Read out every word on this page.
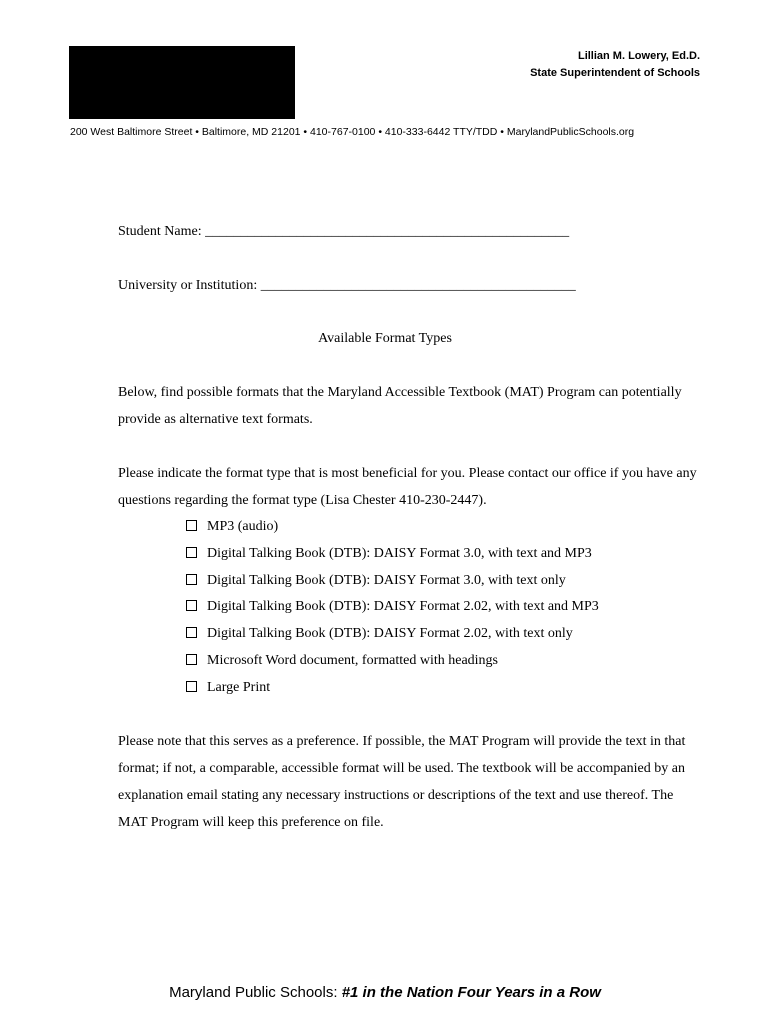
Lillian M. Lowery, Ed.D.
State Superintendent of Schools
200 West Baltimore Street • Baltimore, MD 21201 • 410-767-0100 • 410-333-6442 TTY/TDD • MarylandPublicSchools.org
Student Name: ____________________________________________________
University or Institution: _____________________________________________
Available Format Types
Below, find possible formats that the Maryland Accessible Textbook (MAT) Program can potentially provide as alternative text formats.
Please indicate the format type that is most beneficial for you. Please contact our office if you have any questions regarding the format type (Lisa Chester 410-230-2447).
MP3 (audio)
Digital Talking Book (DTB): DAISY Format 3.0, with text and MP3
Digital Talking Book (DTB): DAISY Format 3.0, with text only
Digital Talking Book (DTB): DAISY Format 2.02, with text and MP3
Digital Talking Book (DTB): DAISY Format 2.02, with text only
Microsoft Word document, formatted with headings
Large Print
Please note that this serves as a preference. If possible, the MAT Program will provide the text in that format; if not, a comparable, accessible format will be used. The textbook will be accompanied by an explanation email stating any necessary instructions or descriptions of the text and use thereof. The MAT Program will keep this preference on file.
Maryland Public Schools: #1 in the Nation Four Years in a Row
